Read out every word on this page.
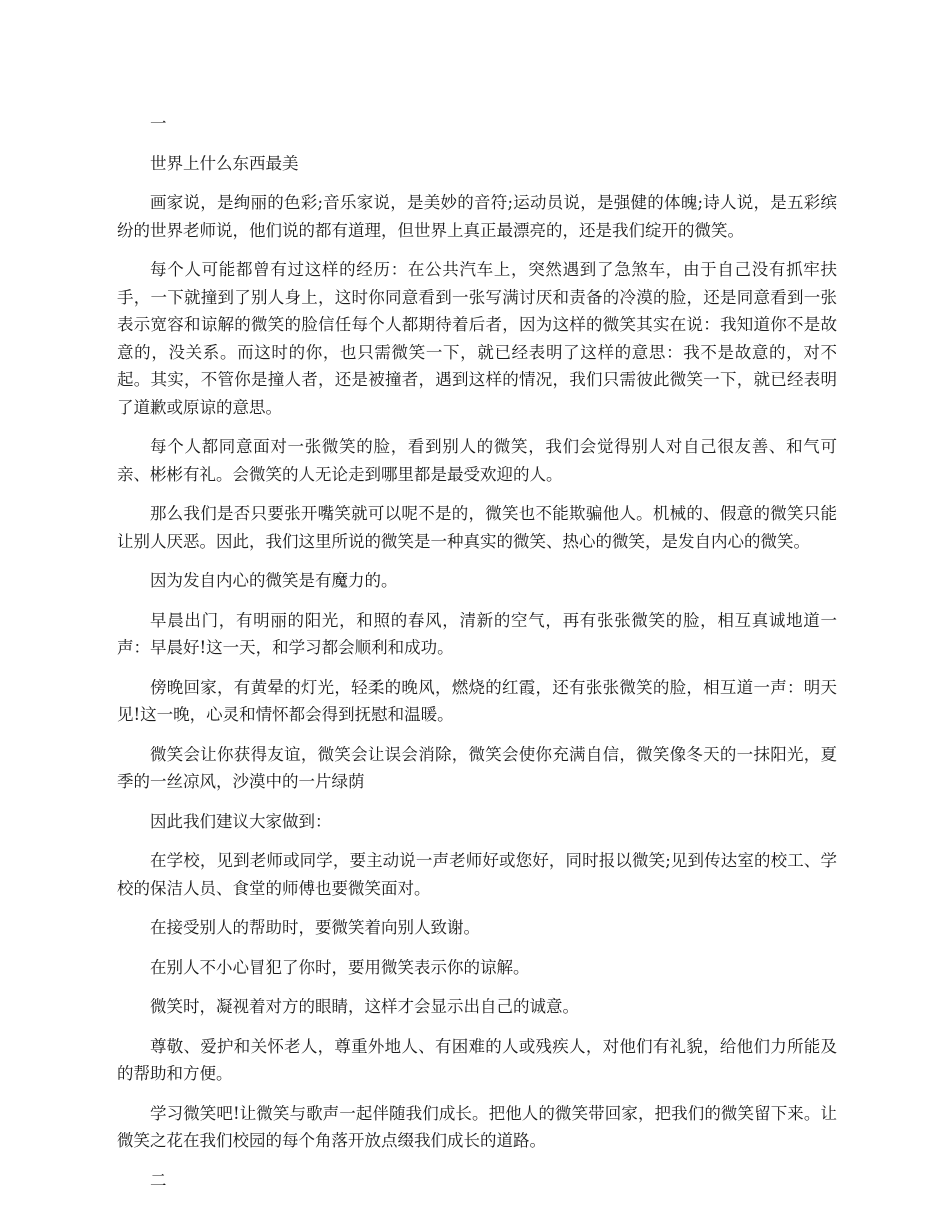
一

世界上什么东西最美

画家说，是绚丽的色彩;音乐家说，是美妙的音符;运动员说，是强健的体魄;诗人说，是五彩缤纷的世界老师说，他们说的都有道理，但世界上真正最漂亮的，还是我们绽开的微笑。

每个人可能都曾有过这样的经历：在公共汽车上，突然遇到了急煞车，由于自己没有抓牢扶手，一下就撞到了别人身上，这时你同意看到一张写满讨厌和责备的冷漠的脸，还是同意看到一张表示宽容和谅解的微笑的脸信任每个人都期待着后者，因为这样的微笑其实在说：我知道你不是故意的，没关系。而这时的你，也只需微笑一下，就已经表明了这样的意思：我不是故意的，对不起。其实，不管你是撞人者，还是被撞者，遇到这样的情况，我们只需彼此微笑一下，就已经表明了道歉或原谅的意思。

每个人都同意面对一张微笑的脸，看到别人的微笑，我们会觉得别人对自己很友善、和气可亲、彬彬有礼。会微笑的人无论走到哪里都是最受欢迎的人。

那么我们是否只要张开嘴笑就可以呢不是的，微笑也不能欺骗他人。机械的、假意的微笑只能让别人厌恶。因此，我们这里所说的微笑是一种真实的微笑、热心的微笑，是发自内心的微笑。

因为发自内心的微笑是有魔力的。

早晨出门，有明丽的阳光，和照的春风，清新的空气，再有张张微笑的脸，相互真诚地道一声：早晨好!这一天，和学习都会顺利和成功。

傍晚回家，有黄晕的灯光，轻柔的晚风，燃烧的红霞，还有张张微笑的脸，相互道一声：明天见!这一晚，心灵和情怀都会得到抚慰和温暖。

微笑会让你获得友谊，微笑会让误会消除，微笑会使你充满自信，微笑像冬天的一抹阳光，夏季的一丝凉风，沙漠中的一片绿荫

因此我们建议大家做到：

在学校，见到老师或同学，要主动说一声老师好或您好，同时报以微笑;见到传达室的校工、学校的保洁人员、食堂的师傅也要微笑面对。

在接受别人的帮助时，要微笑着向别人致谢。

在别人不小心冒犯了你时，要用微笑表示你的谅解。

微笑时，凝视着对方的眼睛，这样才会显示出自己的诚意。

尊敬、爱护和关怀老人，尊重外地人、有困难的人或残疾人，对他们有礼貌，给他们力所能及的帮助和方便。

学习微笑吧!让微笑与歌声一起伴随我们成长。把他人的微笑带回家，把我们的微笑留下来。让微笑之花在我们校园的每个角落开放点缀我们成长的道路。

二
